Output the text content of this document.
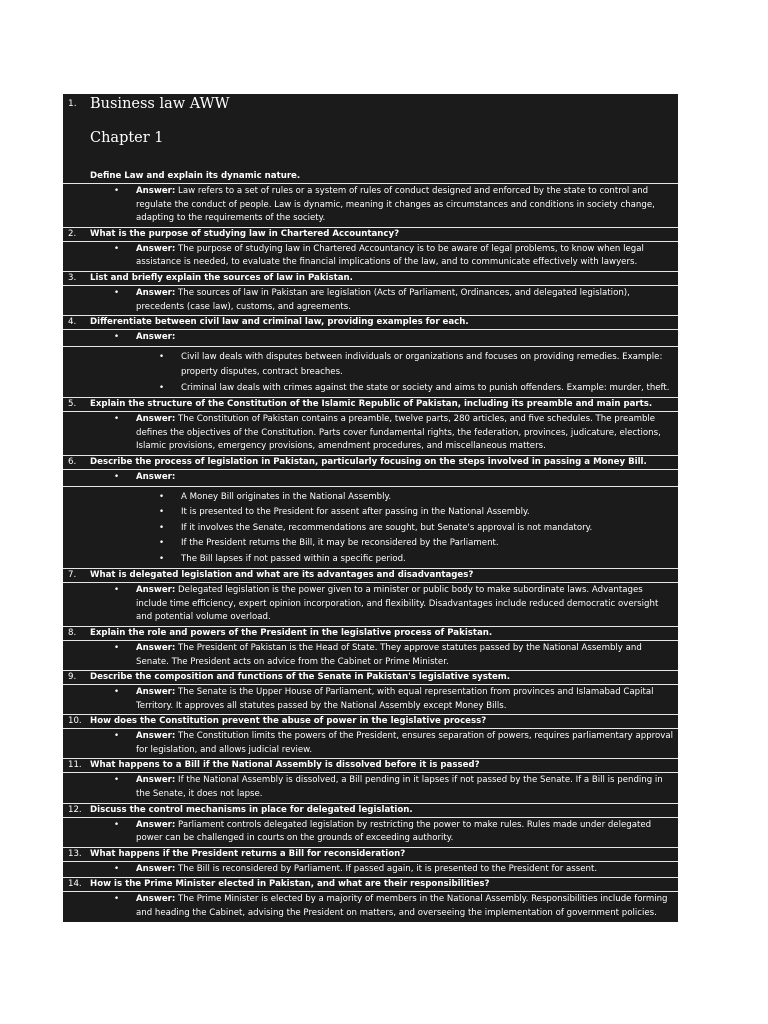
1. Business law AWW
Chapter 1
Define Law and explain its dynamic nature.
• Answer: Law refers to a set of rules or a system of rules of conduct designed and enforced by the state to control and regulate the conduct of people. Law is dynamic, meaning it changes as circumstances and conditions in society change, adapting to the requirements of the society.
2. What is the purpose of studying law in Chartered Accountancy?
• Answer: The purpose of studying law in Chartered Accountancy is to be aware of legal problems, to know when legal assistance is needed, to evaluate the financial implications of the law, and to communicate effectively with lawyers.
3. List and briefly explain the sources of law in Pakistan.
• Answer: The sources of law in Pakistan are legislation (Acts of Parliament, Ordinances, and delegated legislation), precedents (case law), customs, and agreements.
4. Differentiate between civil law and criminal law, providing examples for each.
• Answer:
• Civil law deals with disputes between individuals or organizations and focuses on providing remedies. Example: property disputes, contract breaches.
• Criminal law deals with crimes against the state or society and aims to punish offenders. Example: murder, theft.
5. Explain the structure of the Constitution of the Islamic Republic of Pakistan, including its preamble and main parts.
• Answer: The Constitution of Pakistan contains a preamble, twelve parts, 280 articles, and five schedules. The preamble defines the objectives of the Constitution. Parts cover fundamental rights, the federation, provinces, judicature, elections, Islamic provisions, emergency provisions, amendment procedures, and miscellaneous matters.
6. Describe the process of legislation in Pakistan, particularly focusing on the steps involved in passing a Money Bill.
• Answer:
• A Money Bill originates in the National Assembly.
• It is presented to the President for assent after passing in the National Assembly.
• If it involves the Senate, recommendations are sought, but Senate's approval is not mandatory.
• If the President returns the Bill, it may be reconsidered by the Parliament.
• The Bill lapses if not passed within a specific period.
7. What is delegated legislation and what are its advantages and disadvantages?
• Answer: Delegated legislation is the power given to a minister or public body to make subordinate laws. Advantages include time efficiency, expert opinion incorporation, and flexibility. Disadvantages include reduced democratic oversight and potential volume overload.
8. Explain the role and powers of the President in the legislative process of Pakistan.
• Answer: The President of Pakistan is the Head of State. They approve statutes passed by the National Assembly and Senate. The President acts on advice from the Cabinet or Prime Minister.
9. Describe the composition and functions of the Senate in Pakistan's legislative system.
• Answer: The Senate is the Upper House of Parliament, with equal representation from provinces and Islamabad Capital Territory. It approves all statutes passed by the National Assembly except Money Bills.
10. How does the Constitution prevent the abuse of power in the legislative process?
• Answer: The Constitution limits the powers of the President, ensures separation of powers, requires parliamentary approval for legislation, and allows judicial review.
11. What happens to a Bill if the National Assembly is dissolved before it is passed?
• Answer: If the National Assembly is dissolved, a Bill pending in it lapses if not passed by the Senate. If a Bill is pending in the Senate, it does not lapse.
12. Discuss the control mechanisms in place for delegated legislation.
• Answer: Parliament controls delegated legislation by restricting the power to make rules. Rules made under delegated power can be challenged in courts on the grounds of exceeding authority.
13. What happens if the President returns a Bill for reconsideration?
• Answer: The Bill is reconsidered by Parliament. If passed again, it is presented to the President for assent.
14. How is the Prime Minister elected in Pakistan, and what are their responsibilities?
• Answer: The Prime Minister is elected by a majority of members in the National Assembly. Responsibilities include forming and heading the Cabinet, advising the President on matters, and overseeing the implementation of government policies.
